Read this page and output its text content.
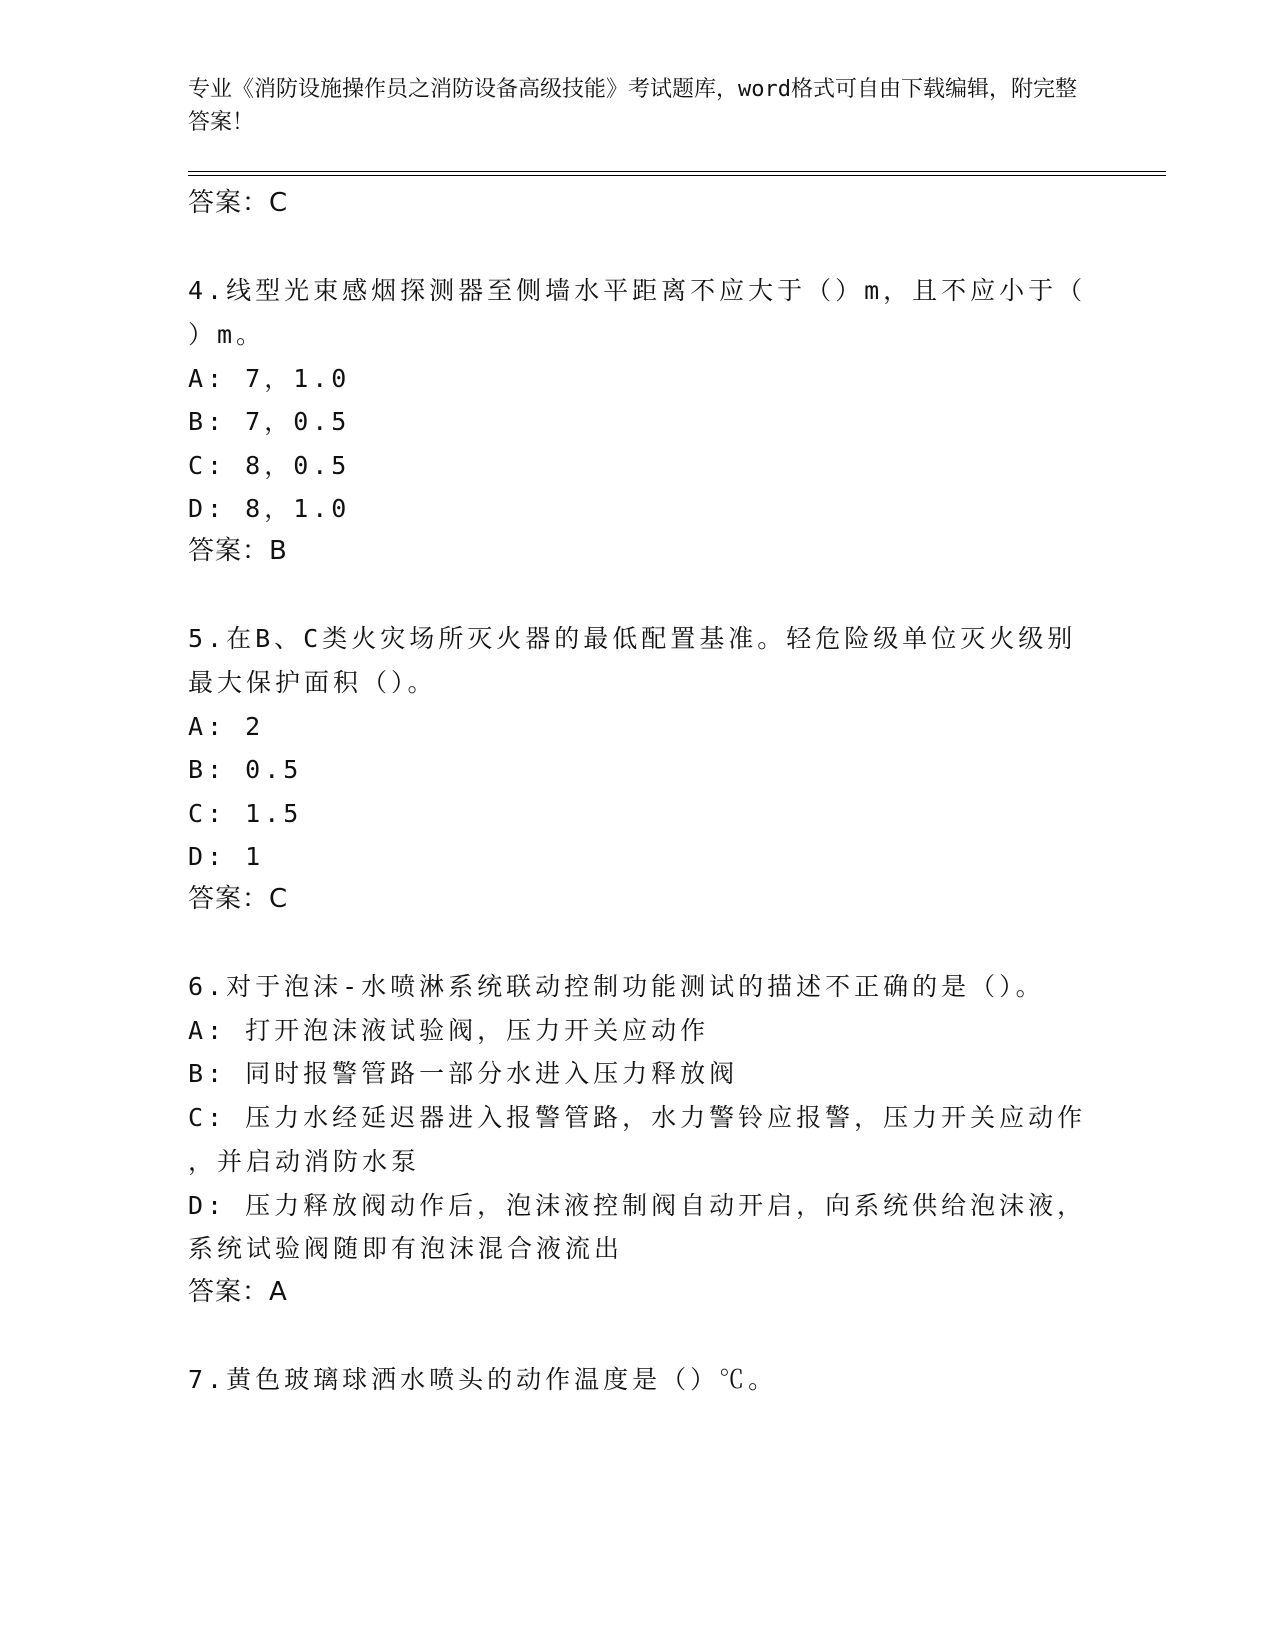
专业《消防设施操作员之消防设备高级技能》考试题库，word格式可自由下载编辑，附完整答案！
答案：C
4.线型光束感烟探测器至侧墙水平距离不应大于（）m，且不应小于（
）m。
A: 7，1.0
B: 7，0.5
C: 8，0.5
D: 8，1.0
答案：B
5.在B、C类火灾场所灭火器的最低配置基准。轻危险级单位灭火级别
最大保护面积（）。
A: 2
B: 0.5
C: 1.5
D: 1
答案：C
6.对于泡沫-水喷淋系统联动控制功能测试的描述不正确的是（）。
A: 打开泡沫液试验阀，压力开关应动作
B: 同时报警管路一部分水进入压力释放阀
C: 压力水经延迟器进入报警管路，水力警铃应报警，压力开关应动作
，并启动消防水泵
D: 压力释放阀动作后，泡沫液控制阀自动开启，向系统供给泡沫液，
系统试验阀随即有泡沫混合液流出
答案：A
7.黄色玻璃球洒水喷头的动作温度是（）℃。
